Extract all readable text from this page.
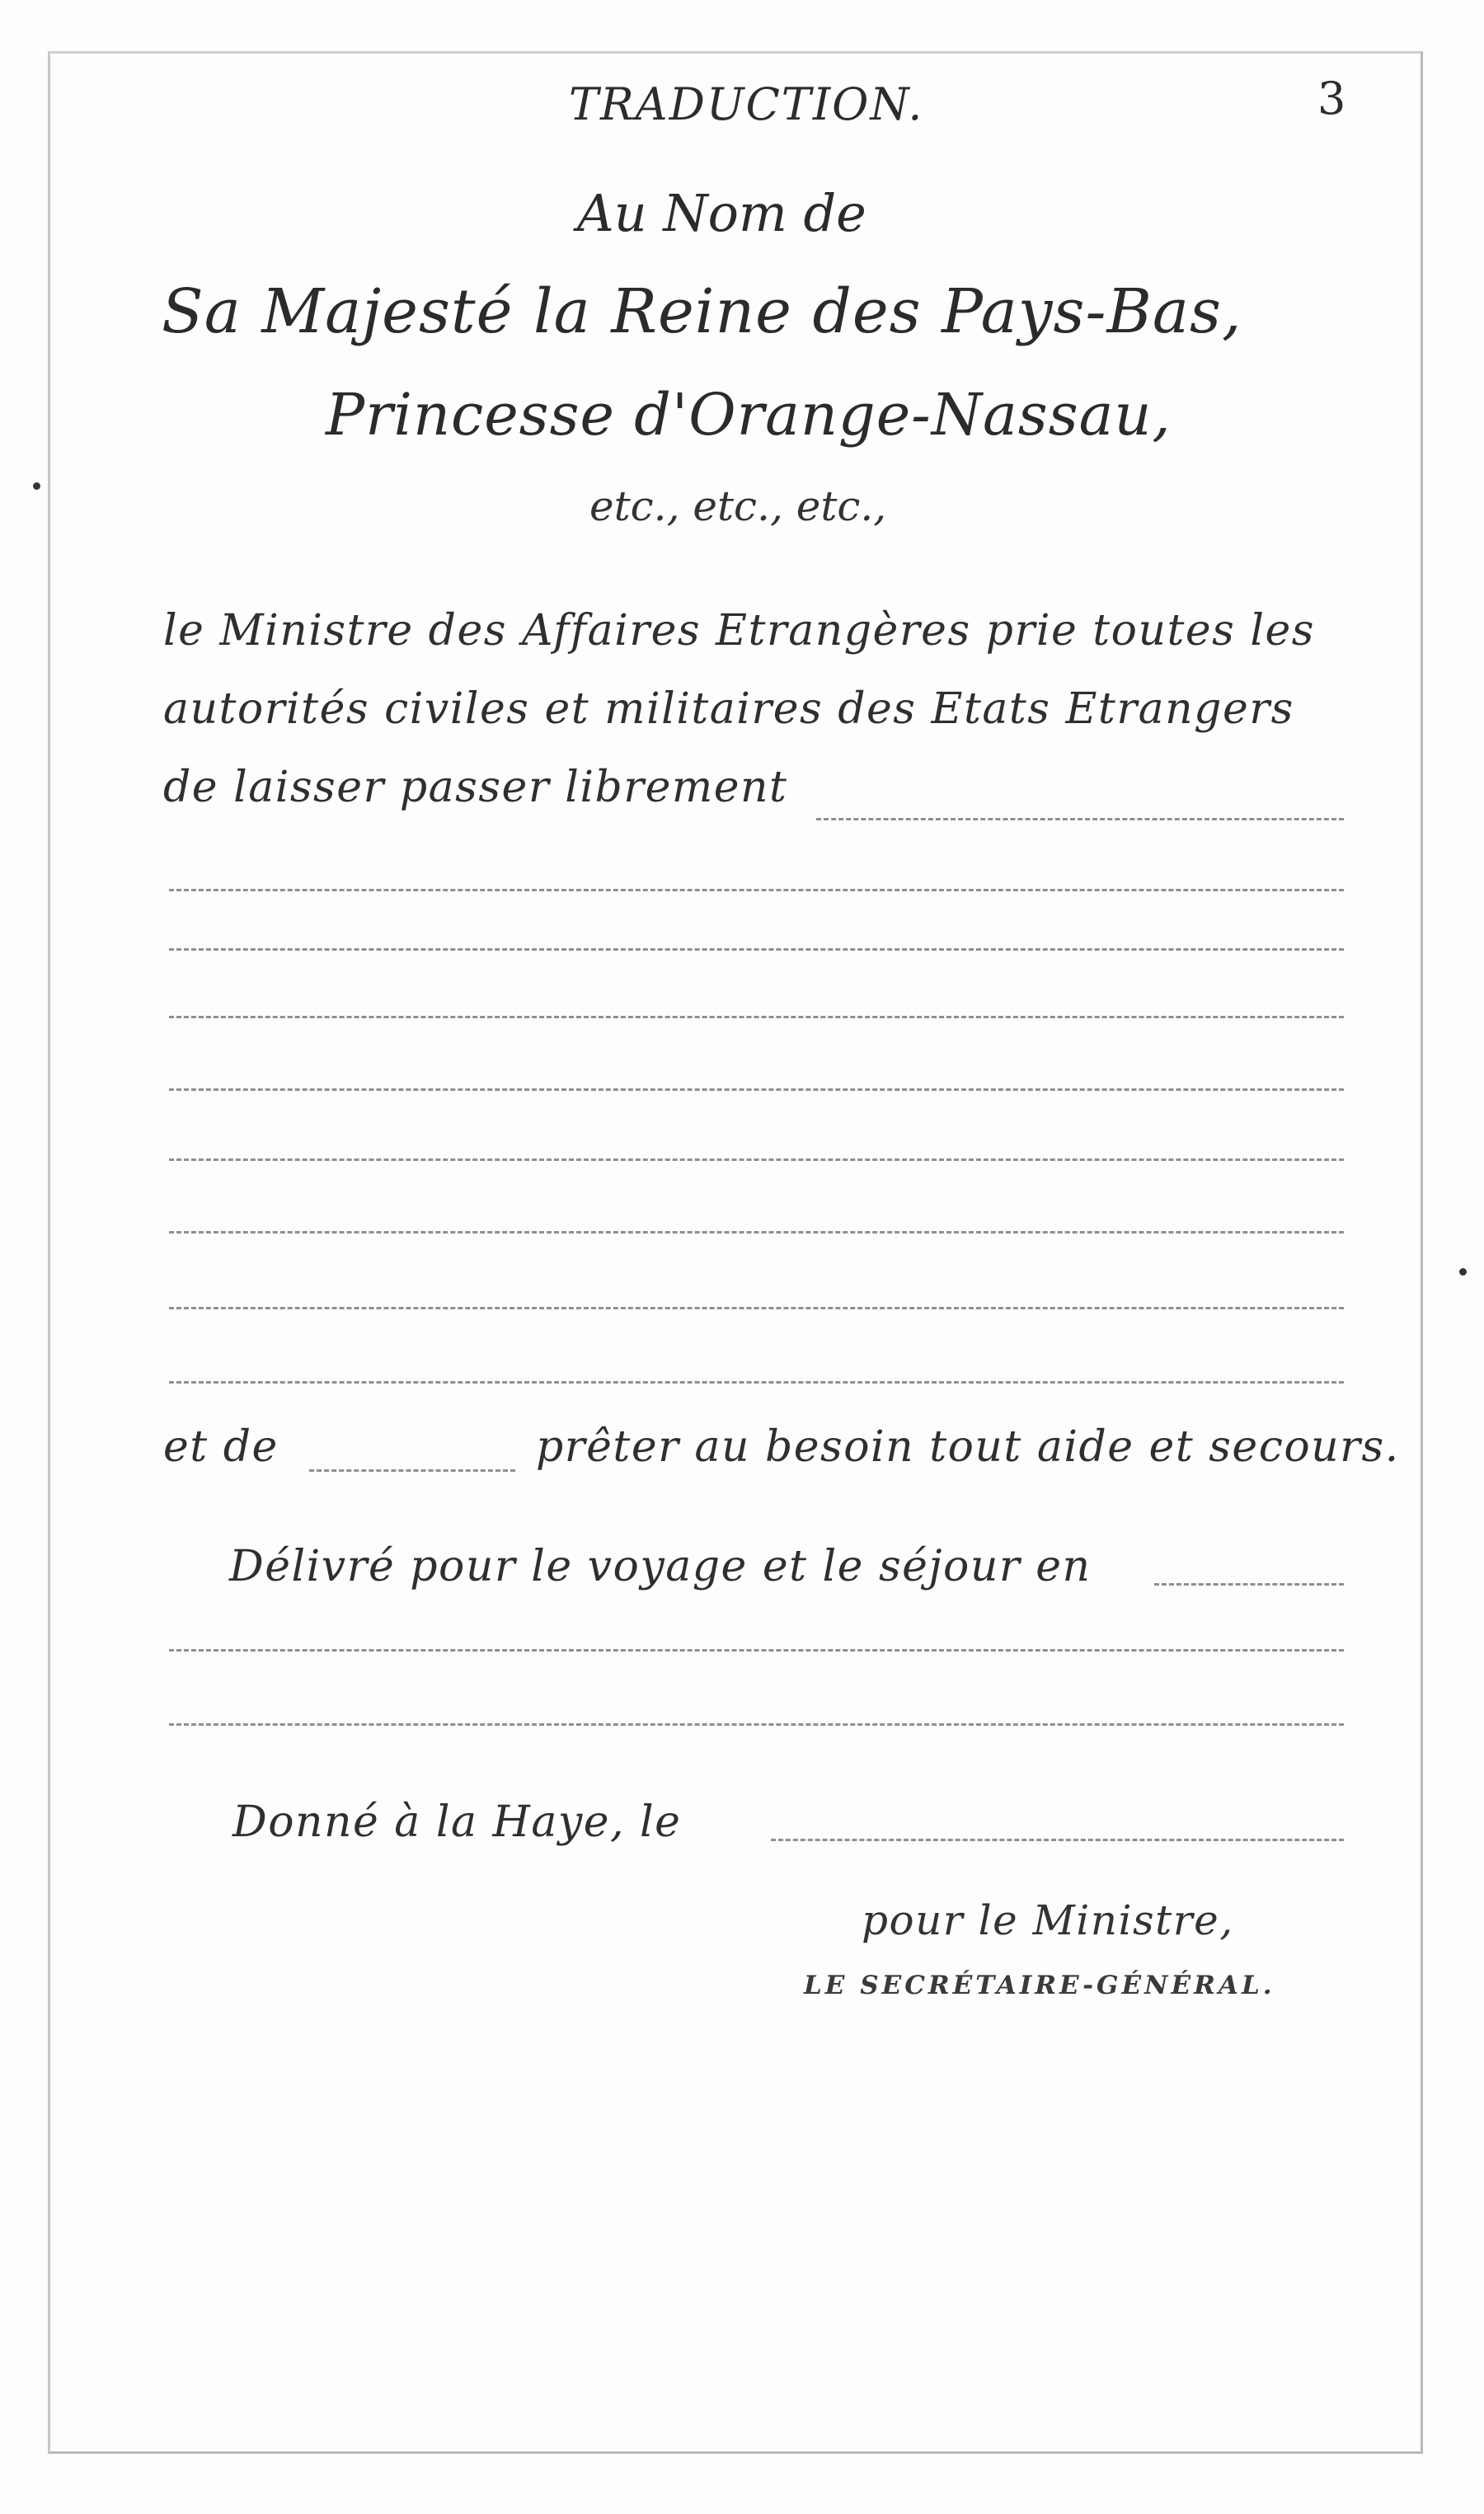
TRADUCTION.	3
Au Nom de
Sa Majesté la Reine des Pays-Bas,
Princesse d'Orange-Nassau,
etc., etc., etc.,
le Ministre des Affaires Etrangères prie toutes les
autorités civiles et militaires des Etats Etrangers
de laisser passer librement
et de	prêter au besoin tout aide et secours.
Délivré pour le voyage et le séjour en
Donné à la Haye, le
pour le Ministre,
LE SECRÉTAIRE-GÉNÉRAL.
